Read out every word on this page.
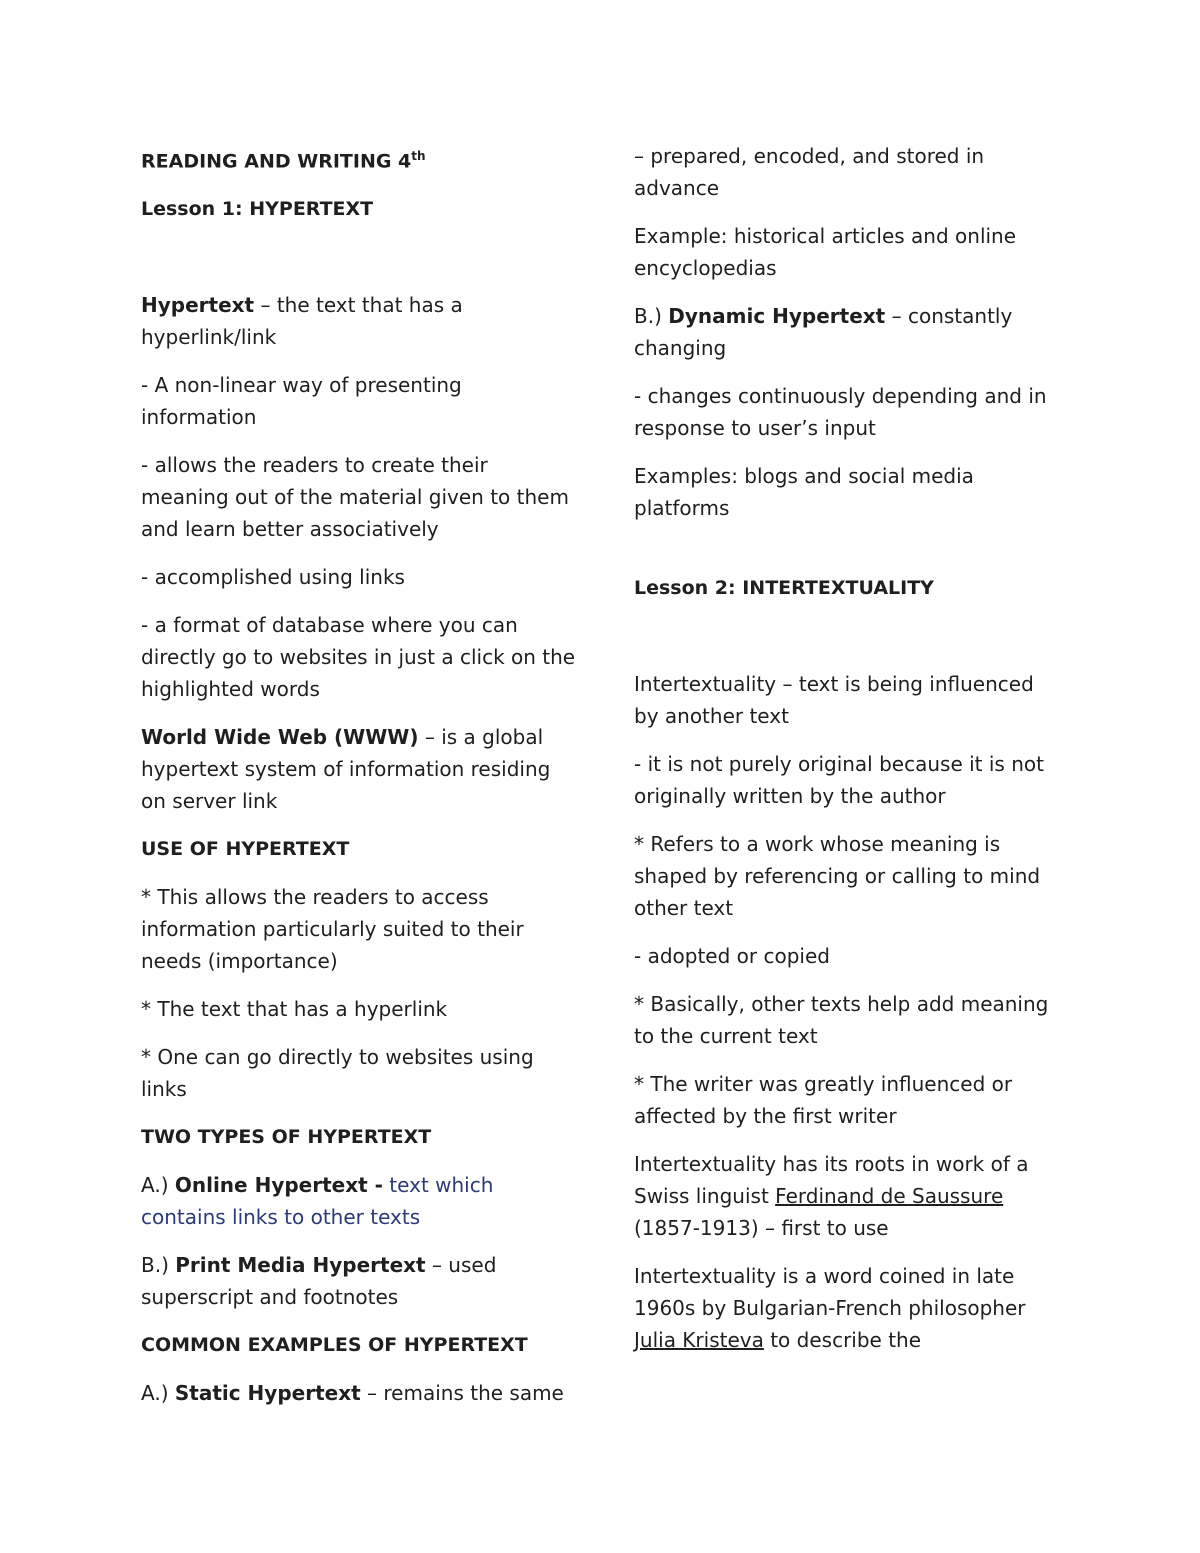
READING AND WRITING 4th

Lesson 1: HYPERTEXT

Hypertext – the text that has a hyperlink/link

- A non-linear way of presenting information

- allows the readers to create their meaning out of the material given to them and learn better associatively

- accomplished using links

- a format of database where you can directly go to websites in just a click on the highlighted words

World Wide Web (WWW) – is a global hypertext system of information residing on server link

USE OF HYPERTEXT

* This allows the readers to access information particularly suited to their needs (importance)

* The text that has a hyperlink

* One can go directly to websites using links

TWO TYPES OF HYPERTEXT

A.) Online Hypertext - text which contains links to other texts

B.) Print Media Hypertext – used superscript and footnotes

COMMON EXAMPLES OF HYPERTEXT

A.) Static Hypertext – remains the same

– prepared, encoded, and stored in advance

Example: historical articles and online encyclopedias

B.) Dynamic Hypertext – constantly changing

- changes continuously depending and in response to user’s input

Examples: blogs and social media platforms

Lesson 2: INTERTEXTUALITY

Intertextuality – text is being influenced by another text

- it is not purely original because it is not originally written by the author

* Refers to a work whose meaning is shaped by referencing or calling to mind other text

- adopted or copied

* Basically, other texts help add meaning to the current text

* The writer was greatly influenced or affected by the first writer

Intertextuality has its roots in work of a Swiss linguist Ferdinand de Saussure (1857-1913) – first to use

Intertextuality is a word coined in late 1960s by Bulgarian-French philosopher Julia Kristeva to describe the
